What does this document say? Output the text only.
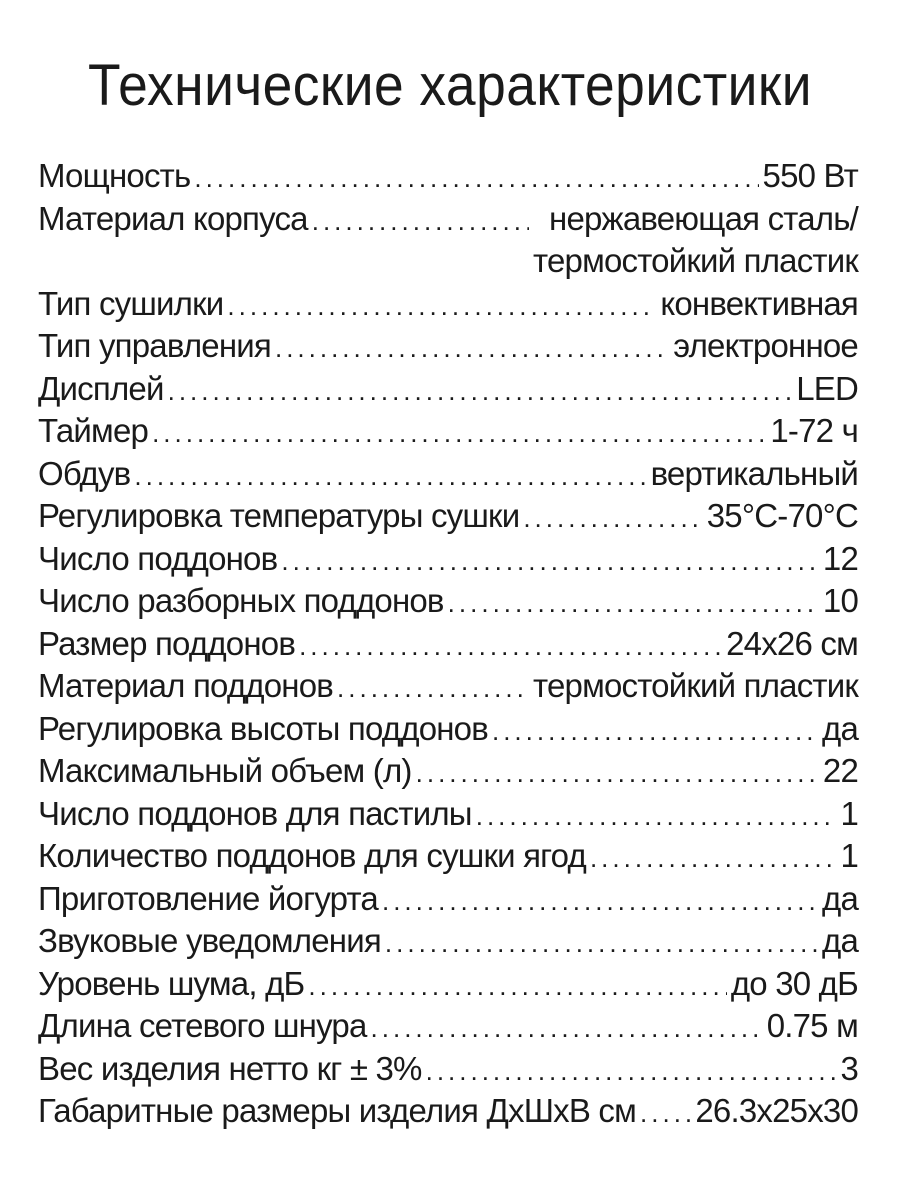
Технические характеристики
Мощность .....	550 Вт
Материал корпуса .....	нержавеющая сталь/
термостойкий пластик
Тип сушилки .....	конвективная
Тип управления .....	электронное
Дисплей .....	LED
Таймер .....	1-72 ч
Обдув .....	вертикальный
Регулировка температуры сушки .....	35°C-70°C
Число поддонов .....	12
Число разборных поддонов .....	10
Размер поддонов .....	24x26 см
Материал поддонов .....	термостойкий пластик
Регулировка высоты поддонов .....	да
Максимальный объем (л) .....	22
Число поддонов для пастилы .....	1
Количество поддонов для сушки ягод .....	1
Приготовление йогурта .....	да
Звуковые уведомления .....	да
Уровень шума, дБ .....	до 30 дБ
Длина сетевого шнура .....	0.75 м
Вес изделия нетто кг ± 3% .....	3
Габаритные размеры изделия ДxШxВ см ..... 26.3x25x30
